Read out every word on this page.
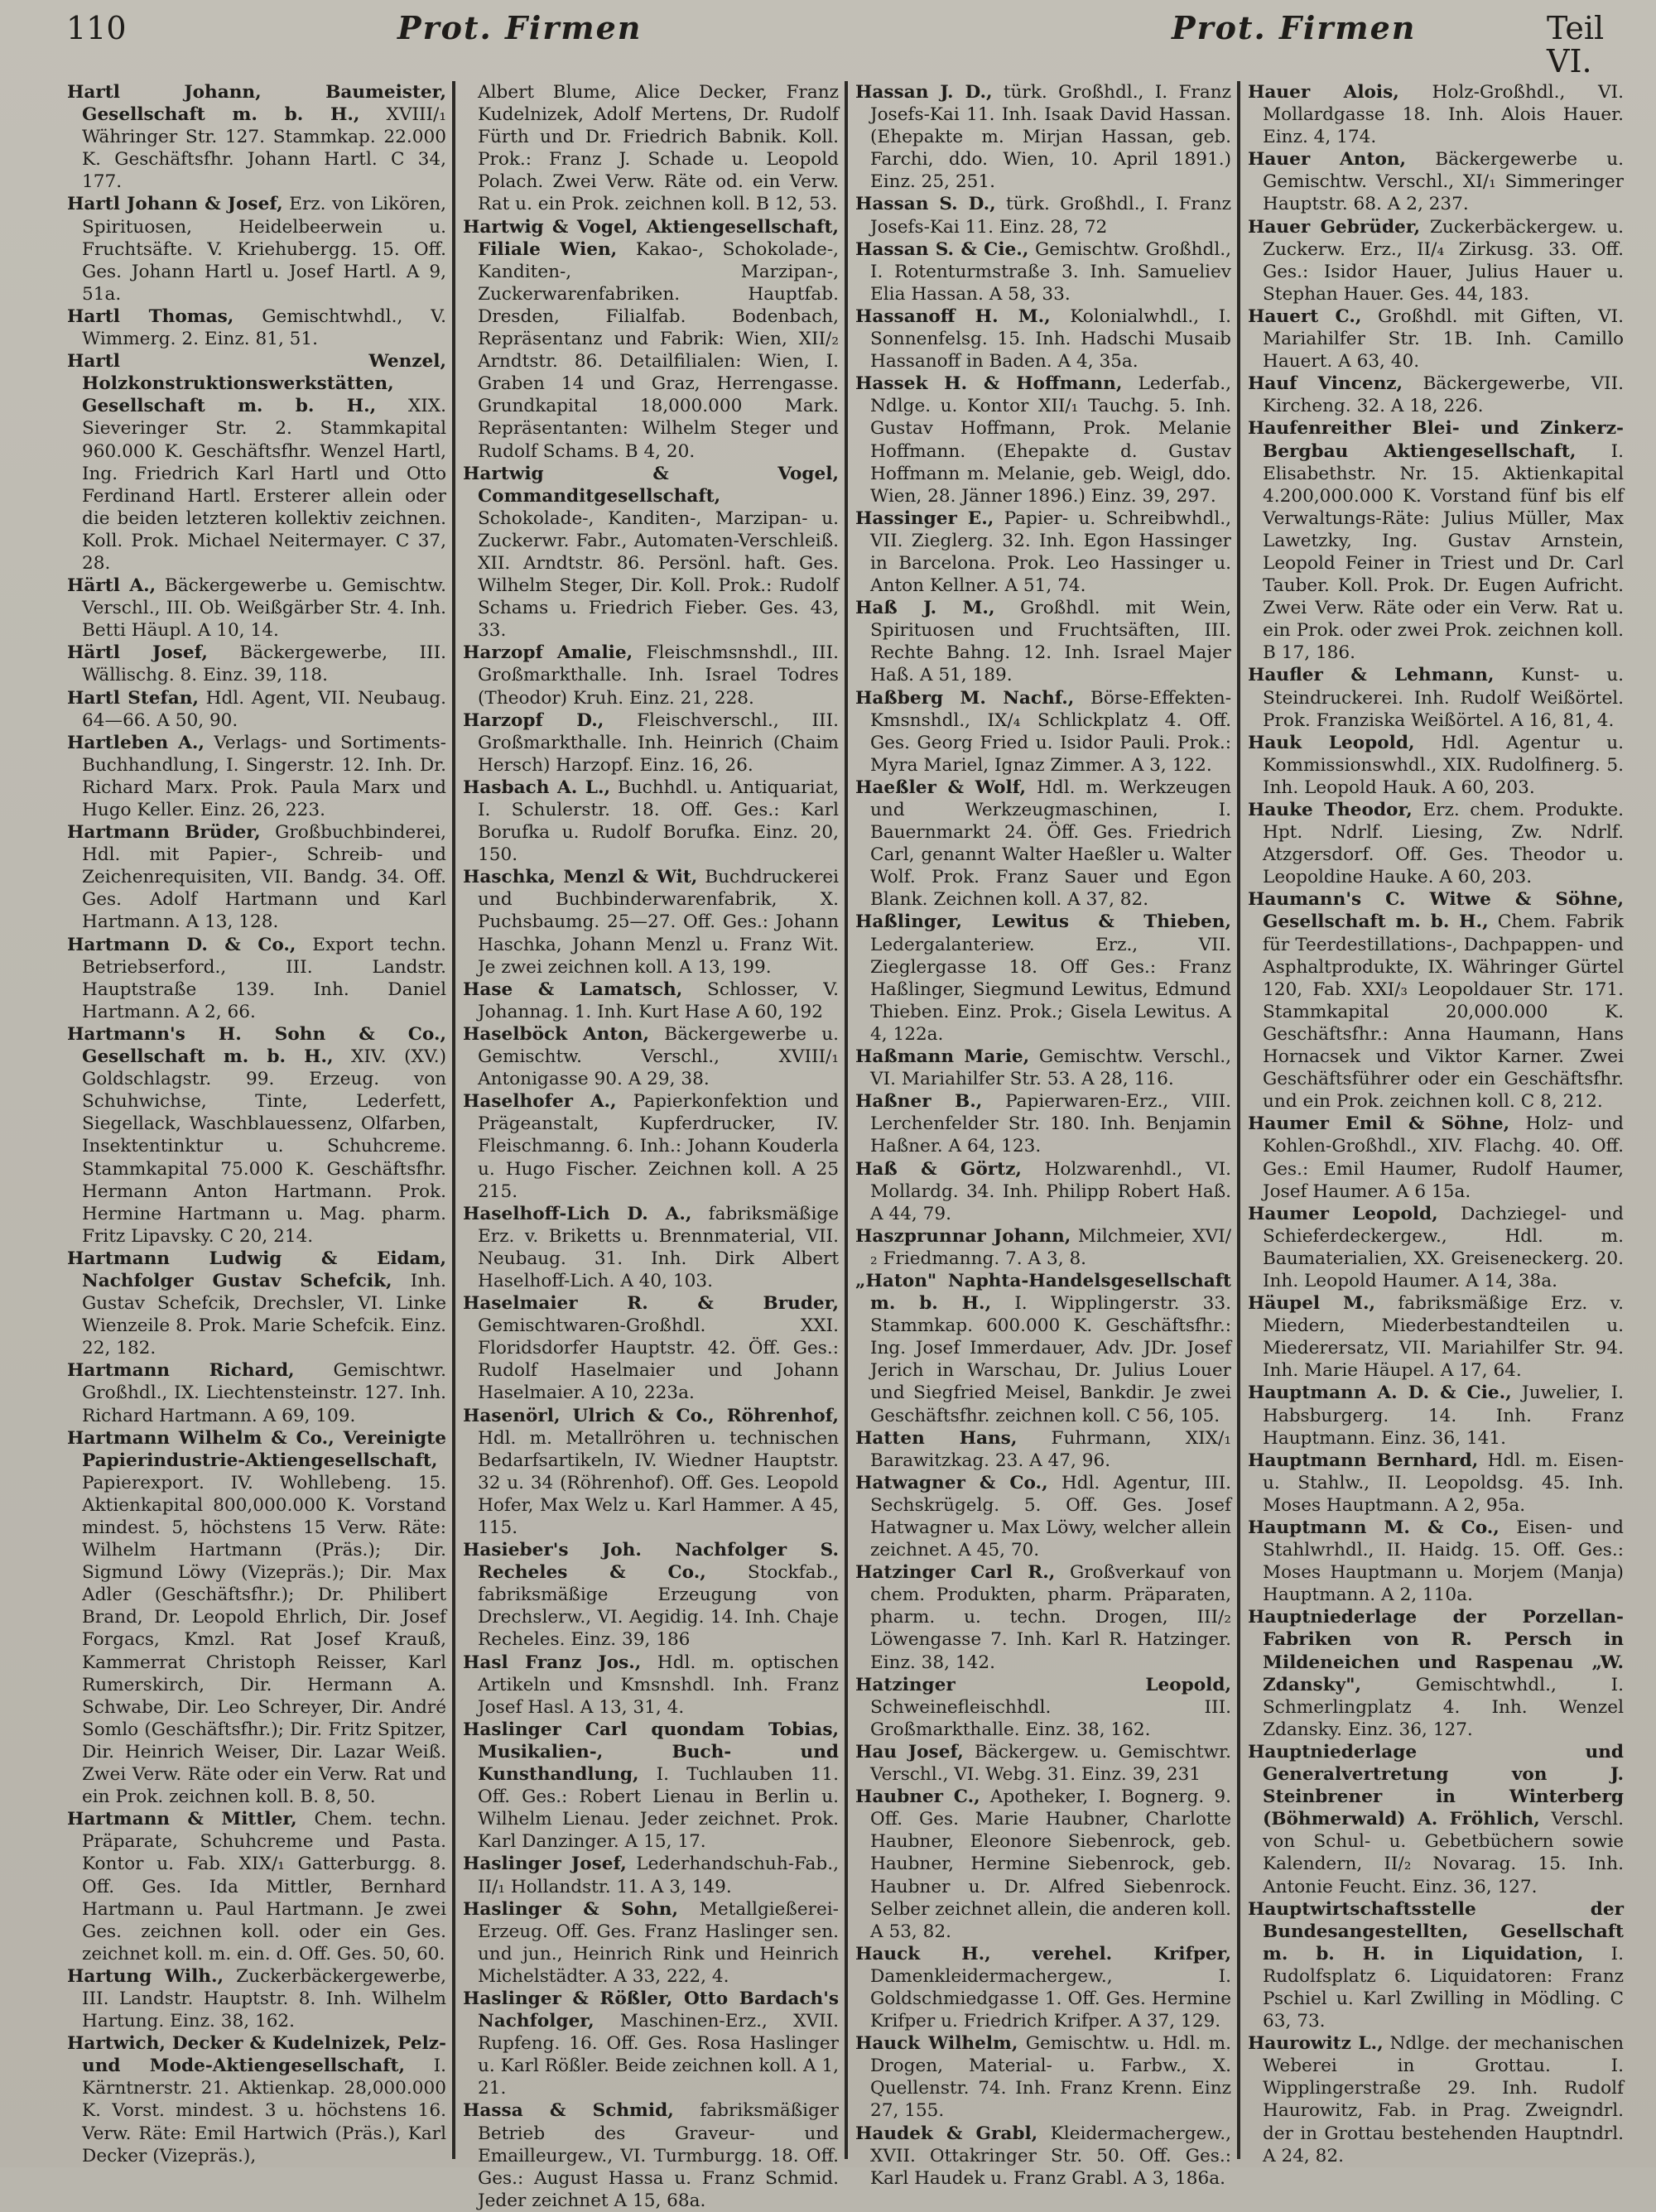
110	Prot. Firmen	Prot. Firmen	Teil VI.

Hartl Johann, Baumeister, Gesellschaft m. b. H., XVIII/₁ Währinger Str. 127. Stammkap. 22.000 K. Geschäftsfhr. Johann Hartl. C 34, 177.

Hartl Johann & Josef, Erz. von Likören, Spirituosen, Heidelbeerwein u. Fruchtsäfte. V. Kriehubergg. 15. Off. Ges. Johann Hartl u. Josef Hartl. A 9, 51a.

Hartl Thomas, Gemischtwhdl., V. Wimmerg. 2. Einz. 81, 51.

Hartl Wenzel, Holzkonstruktionswerkstätten, Gesellschaft m. b. H., XIX. Sieveringer Str. 2. Stammkapital 960.000 K. Geschäftsfhr. Wenzel Hartl, Ing. Friedrich Karl Hartl und Otto Ferdinand Hartl. Ersterer allein oder die beiden letzteren kollektiv zeichnen. Koll. Prok. Michael Neitermayer. C 37, 28.

Härtl A., Bäckergewerbe u. Gemischtw. Verschl., III. Ob. Weißgärber Str. 4. Inh. Betti Häupl. A 10, 14.

Härtl Josef, Bäckergewerbe, III. Wällischg. 8. Einz. 39, 118.

Hartl Stefan, Hdl. Agent, VII. Neubaug. 64—66. A 50, 90.

Hartleben A., Verlags- und Sortiments-Buchhandlung, I. Singerstr. 12. Inh. Dr. Richard Marx. Prok. Paula Marx und Hugo Keller. Einz. 26, 223.

Hartmann Brüder, Großbuchbinderei, Hdl. mit Papier-, Schreib- und Zeichenrequisiten, VII. Bandg. 34. Off. Ges. Adolf Hartmann und Karl Hartmann. A 13, 128.

Hartmann D. & Co., Export techn. Betriebserford., III. Landstr. Hauptstraße 139. Inh. Daniel Hartmann. A 2, 66.

Hartmann's H. Sohn & Co., Gesellschaft m. b. H., XIV. (XV.) Goldschlagstr. 99. Erzeug. von Schuhwichse, Tinte, Lederfett, Siegellack, Waschblauessenz, Olfarben, Insektentinktur u. Schuhcreme. Stammkapital 75.000 K. Geschäftsfhr. Hermann Anton Hartmann. Prok. Hermine Hartmann u. Mag. pharm. Fritz Lipavsky. C 20, 214.

Hartmann Ludwig & Eidam, Nachfolger Gustav Schefcik, Inh. Gustav Schefcik, Drechsler, VI. Linke Wienzeile 8. Prok. Marie Schefcik. Einz. 22, 182.

Hartmann Richard, Gemischtwr. Großhdl., IX. Liechtensteinstr. 127. Inh. Richard Hartmann. A 69, 109.

Hartmann Wilhelm & Co., Vereinigte Papierindustrie-Aktiengesellschaft, Papierexport. IV. Wohllebeng. 15. Aktienkapital 800,000.000 K. Vorstand mindest. 5, höchstens 15 Verw. Räte: Wilhelm Hartmann (Präs.); Dir. Sigmund Löwy (Vizepräs.); Dir. Max Adler (Geschäftsfhr.); Dr. Philibert Brand, Dr. Leopold Ehrlich, Dir. Josef Forgacs, Kmzl. Rat Josef Krauß, Kammerrat Christoph Reisser, Karl Rumerskirch, Dir. Hermann A. Schwabe, Dir. Leo Schreyer, Dir. André Somlo (Geschäftsfhr.); Dir. Fritz Spitzer, Dir. Heinrich Weiser, Dir. Lazar Weiß. Zwei Verw. Räte oder ein Verw. Rat und ein Prok. zeichnen koll. B. 8, 50.

Hartmann & Mittler, Chem. techn. Präparate, Schuhcreme und Pasta. Kontor u. Fab. XIX/₁ Gatterburgg. 8. Off. Ges. Ida Mittler, Bernhard Hartmann u. Paul Hartmann. Je zwei Ges. zeichnen koll. oder ein Ges. zeichnet koll. m. ein. d. Off. Ges. 50, 60.

Hartung Wilh., Zuckerbäckergewerbe, III. Landstr. Hauptstr. 8. Inh. Wilhelm Hartung. Einz. 38, 162.

Hartwich, Decker & Kudelnizek, Pelz- und Mode-Aktiengesellschaft, I. Kärntnerstr. 21. Aktienkap. 28,000.000 K. Vorst. mindest. 3 u. höchstens 16. Verw. Räte: Emil Hartwich (Präs.), Karl Decker (Vizepräs.),

Albert Blume, Alice Decker, Franz Kudelnizek, Adolf Mertens, Dr. Rudolf Fürth und Dr. Friedrich Babnik. Koll. Prok.: Franz J. Schade u. Leopold Polach. Zwei Verw. Räte od. ein Verw. Rat u. ein Prok. zeichnen koll. B 12, 53.

Hartwig & Vogel, Aktiengesellschaft, Filiale Wien, Kakao-, Schokolade-, Kanditen-, Marzipan-, Zuckerwarenfabriken. Hauptfab. Dresden, Filialfab. Bodenbach, Repräsentanz und Fabrik: Wien, XII/₂ Arndtstr. 86. Detailfilialen: Wien, I. Graben 14 und Graz, Herrengasse. Grundkapital 18,000.000 Mark. Repräsentanten: Wilhelm Steger und Rudolf Schams. B 4, 20.

Hartwig & Vogel, Commanditgesellschaft, Schokolade-, Kanditen-, Marzipan- u. Zuckerwr. Fabr., Automaten-Verschleiß. XII. Arndtstr. 86. Persönl. haft. Ges. Wilhelm Steger, Dir. Koll. Prok.: Rudolf Schams u. Friedrich Fieber. Ges. 43, 33.

Harzopf Amalie, Fleischmsnshdl., III. Großmarkthalle. Inh. Israel Todres (Theodor) Kruh. Einz. 21, 228.

Harzopf D., Fleischverschl., III. Großmarkthalle. Inh. Heinrich (Chaim Hersch) Harzopf. Einz. 16, 26.

Hasbach A. L., Buchhdl. u. Antiquariat, I. Schulerstr. 18. Off. Ges.: Karl Borufka u. Rudolf Borufka. Einz. 20, 150.

Haschka, Menzl & Wit, Buchdruckerei und Buchbinderwarenfabrik, X. Puchsbaumg. 25—27. Off. Ges.: Johann Haschka, Johann Menzl u. Franz Wit. Je zwei zeichnen koll. A 13, 199.

Hase & Lamatsch, Schlosser, V. Johannag. 1. Inh. Kurt Hase A 60, 192

Haselböck Anton, Bäckergewerbe u. Gemischtw. Verschl., XVIII/₁ Antonigasse 90. A 29, 38.

Haselhofer A., Papierkonfektion und Prägeanstalt, Kupferdrucker, IV. Fleischmanng. 6. Inh.: Johann Kouderla u. Hugo Fischer. Zeichnen koll. A 25 215.

Haselhoff-Lich D. A., fabriksmäßige Erz. v. Briketts u. Brennmaterial, VII. Neubaug. 31. Inh. Dirk Albert Haselhoff-Lich. A 40, 103.

Haselmaier R. & Bruder, Gemischtwaren-Großhdl. XXI. Floridsdorfer Hauptstr. 42. Öff. Ges.: Rudolf Haselmaier und Johann Haselmaier. A 10, 223a.

Hasenörl, Ulrich & Co., Röhrenhof, Hdl. m. Metallröhren u. technischen Bedarfsartikeln, IV. Wiedner Hauptstr. 32 u. 34 (Röhrenhof). Off. Ges. Leopold Hofer, Max Welz u. Karl Hammer. A 45, 115.

Hasieber's Joh. Nachfolger S. Recheles & Co., Stockfab., fabriksmäßige Erzeugung von Drechslerw., VI. Aegidig. 14. Inh. Chaje Recheles. Einz. 39, 186

Hasl Franz Jos., Hdl. m. optischen Artikeln und Kmsnshdl. Inh. Franz Josef Hasl. A 13, 31, 4.

Haslinger Carl quondam Tobias, Musikalien-, Buch- und Kunsthandlung, I. Tuchlauben 11. Off. Ges.: Robert Lienau in Berlin u. Wilhelm Lienau. Jeder zeichnet. Prok. Karl Danzinger. A 15, 17.

Haslinger Josef, Lederhandschuh-Fab., II/₁ Hollandstr. 11. A 3, 149.

Haslinger & Sohn, Metallgießerei-Erzeug. Off. Ges. Franz Haslinger sen. und jun., Heinrich Rink und Heinrich Michelstädter. A 33, 222, 4.

Haslinger & Rößler, Otto Bardach's Nachfolger, Maschinen-Erz., XVII. Rupfeng. 16. Off. Ges. Rosa Haslinger u. Karl Rößler. Beide zeichnen koll. A 1, 21.

Hassa & Schmid, fabriksmäßiger Betrieb des Graveur- und Emailleurgew., VI. Turmburgg. 18. Off. Ges.: August Hassa u. Franz Schmid. Jeder zeichnet A 15, 68a.

Hassan J. D., türk. Großhdl., I. Franz Josefs-Kai 11. Inh. Isaak David Hassan. (Ehepakte m. Mirjan Hassan, geb. Farchi, ddo. Wien, 10. April 1891.) Einz. 25, 251.

Hassan S. D., türk. Großhdl., I. Franz Josefs-Kai 11. Einz. 28, 72

Hassan S. & Cie., Gemischtw. Großhdl., I. Rotenturmstraße 3. Inh. Samueliev Elia Hassan. A 58, 33.

Hassanoff H. M., Kolonialwhdl., I. Sonnenfelsg. 15. Inh. Hadschi Musaib Hassanoff in Baden. A 4, 35a.

Hassek H. & Hoffmann, Lederfab., Ndlge. u. Kontor XII/₁ Tauchg. 5. Inh. Gustav Hoffmann, Prok. Melanie Hoffmann. (Ehepakte d. Gustav Hoffmann m. Melanie, geb. Weigl, ddo. Wien, 28. Jänner 1896.) Einz. 39, 297.

Hassinger E., Papier- u. Schreibwhdl., VII. Zieglerg. 32. Inh. Egon Hassinger in Barcelona. Prok. Leo Hassinger u. Anton Kellner. A 51, 74.

Haß J. M., Großhdl. mit Wein, Spirituosen und Fruchtsäften, III. Rechte Bahng. 12. Inh. Israel Majer Haß. A 51, 189.

Haßberg M. Nachf., Börse-Effekten-Kmsnshdl., IX/₄ Schlickplatz 4. Off. Ges. Georg Fried u. Isidor Pauli. Prok.: Myra Mariel, Ignaz Zimmer. A 3, 122.

Haeßler & Wolf, Hdl. m. Werkzeugen und Werkzeugmaschinen, I. Bauernmarkt 24. Öff. Ges. Friedrich Carl, genannt Walter Haeßler u. Walter Wolf. Prok. Franz Sauer und Egon Blank. Zeichnen koll. A 37, 82.

Haßlinger, Lewitus & Thieben, Ledergalanteriew. Erz., VII. Zieglergasse 18. Off Ges.: Franz Haßlinger, Siegmund Lewitus, Edmund Thieben. Einz. Prok.; Gisela Lewitus. A 4, 122a.

Haßmann Marie, Gemischtw. Verschl., VI. Mariahilfer Str. 53. A 28, 116.

Haßner B., Papierwaren-Erz., VIII. Lerchenfelder Str. 180. Inh. Benjamin Haßner. A 64, 123.

Haß & Görtz, Holzwarenhdl., VI. Mollardg. 34. Inh. Philipp Robert Haß. A 44, 79.

Haszprunnar Johann, Milchmeier, XVI/₂ Friedmanng. 7. A 3, 8.

„Haton" Naphta-Handelsgesellschaft m. b. H., I. Wipplingerstr. 33. Stammkap. 600.000 K. Geschäftsfhr.: Ing. Josef Immerdauer, Adv. JDr. Josef Jerich in Warschau, Dr. Julius Louer und Siegfried Meisel, Bankdir. Je zwei Geschäftsfhr. zeichnen koll. C 56, 105.

Hatten Hans, Fuhrmann, XIX/₁ Barawitzkag. 23. A 47, 96.

Hatwagner & Co., Hdl. Agentur, III. Sechskrügelg. 5. Off. Ges. Josef Hatwagner u. Max Löwy, welcher allein zeichnet. A 45, 70.

Hatzinger Carl R., Großverkauf von chem. Produkten, pharm. Präparaten, pharm. u. techn. Drogen, III/₂ Löwengasse 7. Inh. Karl R. Hatzinger. Einz. 38, 142.

Hatzinger Leopold, Schweinefleischhdl. III. Großmarkthalle. Einz. 38, 162.

Hau Josef, Bäckergew. u. Gemischtwr. Verschl., VI. Webg. 31. Einz. 39, 231

Haubner C., Apotheker, I. Bognerg. 9. Off. Ges. Marie Haubner, Charlotte Haubner, Eleonore Siebenrock, geb. Haubner, Hermine Siebenrock, geb. Haubner u. Dr. Alfred Siebenrock. Selber zeichnet allein, die anderen koll. A 53, 82.

Hauck H., verehel. Krifper, Damenkleidermachergew., I. Goldschmiedgasse 1. Off. Ges. Hermine Krifper u. Friedrich Krifper. A 37, 129.

Hauck Wilhelm, Gemischtw. u. Hdl. m. Drogen, Material- u. Farbw., X. Quellenstr. 74. Inh. Franz Krenn. Einz 27, 155.

Haudek & Grabl, Kleidermachergew., XVII. Ottakringer Str. 50. Off. Ges.: Karl Haudek u. Franz Grabl. A 3, 186a.

Hauer Alois, Holz-Großhdl., VI. Mollardgasse 18. Inh. Alois Hauer. Einz. 4, 174.

Hauer Anton, Bäckergewerbe u. Gemischtw. Verschl., XI/₁ Simmeringer Hauptstr. 68. A 2, 237.

Hauer Gebrüder, Zuckerbäckergew. u. Zuckerw. Erz., II/₄ Zirkusg. 33. Off. Ges.: Isidor Hauer, Julius Hauer u. Stephan Hauer. Ges. 44, 183.

Hauert C., Großhdl. mit Giften, VI. Mariahilfer Str. 1B. Inh. Camillo Hauert. A 63, 40.

Hauf Vincenz, Bäckergewerbe, VII. Kircheng. 32. A 18, 226.

Haufenreither Blei- und Zinkerz-Bergbau Aktiengesellschaft, I. Elisabethstr. Nr. 15. Aktienkapital 4.200,000.000 K. Vorstand fünf bis elf Verwaltungs-Räte: Julius Müller, Max Lawetzky, Ing. Gustav Arnstein, Leopold Feiner in Triest und Dr. Carl Tauber. Koll. Prok. Dr. Eugen Aufricht. Zwei Verw. Räte oder ein Verw. Rat u. ein Prok. oder zwei Prok. zeichnen koll. B 17, 186.

Haufler & Lehmann, Kunst- u. Steindruckerei. Inh. Rudolf Weißörtel. Prok. Franziska Weißörtel. A 16, 81, 4.

Hauk Leopold, Hdl. Agentur u. Kommissionswhdl., XIX. Rudolfinerg. 5. Inh. Leopold Hauk. A 60, 203.

Hauke Theodor, Erz. chem. Produkte. Hpt. Ndrlf. Liesing, Zw. Ndrlf. Atzgersdorf. Off. Ges. Theodor u. Leopoldine Hauke. A 60, 203.

Haumann's C. Witwe & Söhne, Gesellschaft m. b. H., Chem. Fabrik für Teerdestillations-, Dachpappen- und Asphaltprodukte, IX. Währinger Gürtel 120, Fab. XXI/₃ Leopoldauer Str. 171. Stammkapital 20,000.000 K. Geschäftsfhr.: Anna Haumann, Hans Hornacsek und Viktor Karner. Zwei Geschäftsführer oder ein Geschäftsfhr. und ein Prok. zeichnen koll. C 8, 212.

Haumer Emil & Söhne, Holz- und Kohlen-Großhdl., XIV. Flachg. 40. Off. Ges.: Emil Haumer, Rudolf Haumer, Josef Haumer. A 6 15a.

Haumer Leopold, Dachziegel- und Schieferdeckergew., Hdl. m. Baumaterialien, XX. Greiseneckerg. 20. Inh. Leopold Haumer. A 14, 38a.

Häupel M., fabriksmäßige Erz. v. Miedern, Miederbestandteilen u. Miederersatz, VII. Mariahilfer Str. 94. Inh. Marie Häupel. A 17, 64.

Hauptmann A. D. & Cie., Juwelier, I. Habsburgerg. 14. Inh. Franz Hauptmann. Einz. 36, 141.

Hauptmann Bernhard, Hdl. m. Eisen- u. Stahlw., II. Leopoldsg. 45. Inh. Moses Hauptmann. A 2, 95a.

Hauptmann M. & Co., Eisen- und Stahlwrhdl., II. Haidg. 15. Off. Ges.: Moses Hauptmann u. Morjem (Manja) Hauptmann. A 2, 110a.

Hauptniederlage der Porzellan-Fabriken von R. Persch in Mildeneichen und Raspenau „W. Zdansky",	Gemischtwhdl., I. Schmerlingplatz 4. Inh. Wenzel Zdansky. Einz. 36, 127.

Hauptniederlage und Generalvertretung von J. Steinbrener in Winterberg (Böhmerwald) A. Fröhlich, Verschl. von Schul- u. Gebetbüchern sowie Kalendern, II/₂ Novarag. 15. Inh. Antonie Feucht. Einz. 36, 127.

Hauptwirtschaftsstelle der Bundesangestellten, Gesellschaft m. b. H. in Liquidation, I. Rudolfsplatz 6. Liquidatoren: Franz Pschiel u. Karl Zwilling in Mödling. C 63, 73.

Haurowitz L., Ndlge. der mechanischen Weberei in Grottau. I. Wipplingerstraße 29. Inh. Rudolf Haurowitz, Fab. in Prag. Zweigndrl. der in Grottau bestehenden Hauptndrl. A 24, 82.
